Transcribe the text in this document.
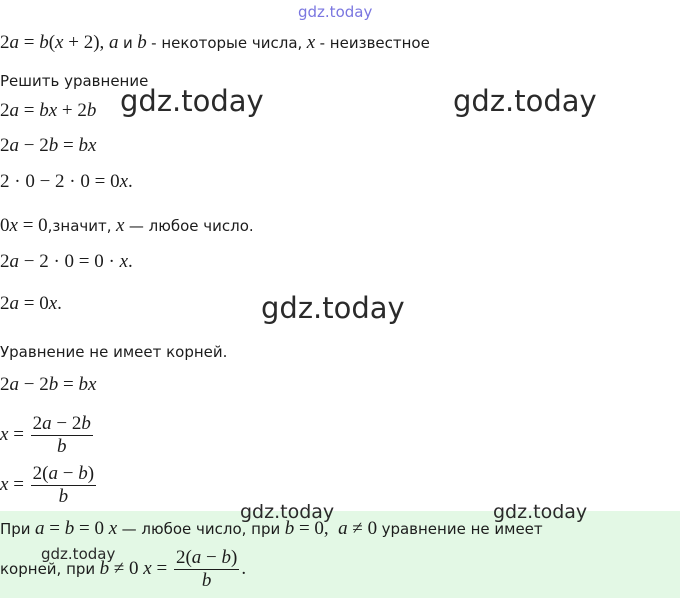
gdz.today
2a = b(x + 2), a и b - некоторые числа, x - неизвестное
Решить уравнение
2a = bx + 2b gdz.today	gdz.today
2a − 2b = bx
2 · 0 − 2 · 0 = 0x.
0x = 0,значит, x — любое число.
2a − 2 · 0 = 0 · x.
2a = 0x.	gdz.today
Уравнение не имеет корней.
2a − 2b = bx
$x = \frac{2a - 2b}{b}$
$x = \frac{2(a - b)}{b}$
gdz.today	gdz.today
При a = b = 0 x — любое число, при b = 0,  a ≠ 0 уравнение не имеет
gdz.today
корней, при b ≠ 0 $x = \frac{2(a - b)}{b}$ .
